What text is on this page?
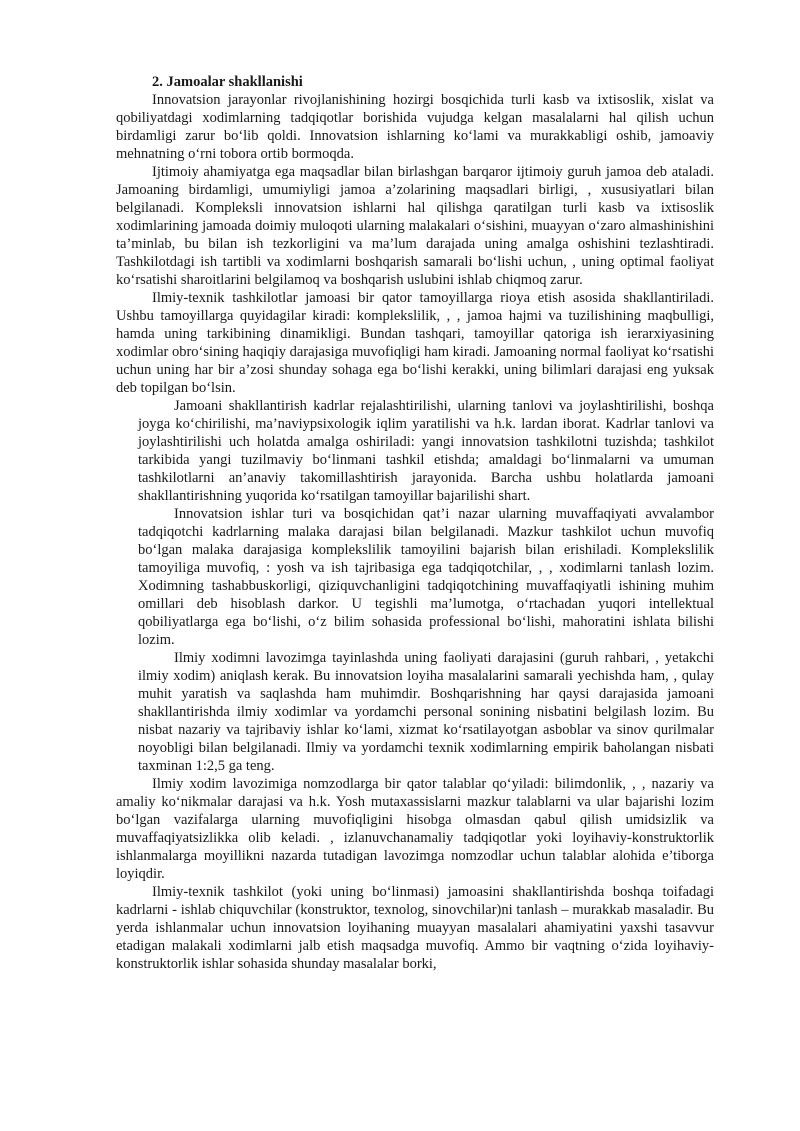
2. Jamoalar shakllanishi

Innovatsion jarayonlar rivojlanishining hozirgi bosqichida turli kasb va ixtisoslik, xislat va qobiliyatdagi xodimlarning tadqiqotlar borishida vujudga kelgan masalalarni hal qilish uchun birdamligi zarur bo‘lib qoldi. Innovatsion ishlarning ko‘lami va murakkabligi oshib, jamoaviy mehnatning o‘rni tobora ortib bormoqda.

Ijtimoiy ahamiyatga ega maqsadlar bilan birlashgan barqaror ijtimoiy guruh jamoa deb ataladi. Jamoaning birdamligi, umumiyligi jamoa a’zolarining maqsadlari birligi, , xususiyatlari bilan belgilanadi. Kompleksli innovatsion ishlarni hal qilishga qaratilgan turli kasb va ixtisoslik xodimlarining jamoada doimiy muloqoti ularning malakalari o‘sishini, muayyan o‘zaro almashinishini ta’minlab, bu bilan ish tezkorligini va ma’lum darajada uning amalga oshishini tezlashtiradi. Tashkilotdagi ish tartibli va xodimlarni boshqarish samarali bo‘lishi uchun, , uning optimal faoliyat ko‘rsatishi sharoitlarini belgilamoq va boshqarish uslubini ishlab chiqmoq zarur.

Ilmiy-texnik tashkilotlar jamoasi bir qator tamoyillarga rioya etish asosida shakllantiriladi. Ushbu tamoyillarga quyidagilar kiradi: komplekslilik, , , jamoa hajmi va tuzilishining maqbulligi, hamda uning tarkibining dinamikligi. Bundan tashqari, tamoyillar qatoriga ish ierarxiyasining xodimlar obro‘sining haqiqiy darajasiga muvofiqligi ham kiradi. Jamoaning normal faoliyat ko‘rsatishi uchun uning har bir a’zosi shunday sohaga ega bo‘lishi kerakki, uning bilimlari darajasi eng yuksak deb topilgan bo‘lsin.

Jamoani shakllantirish kadrlar rejalashtirilishi, ularning tanlovi va joylashtirilishi, boshqa joyga ko‘chirilishi, ma’naviypsixologik iqlim yaratilishi va h.k. lardan iborat. Kadrlar tanlovi va joylashtirilishi uch holatda amalga oshiriladi: yangi innovatsion tashkilotni tuzishda; tashkilot tarkibida yangi tuzilmaviy bo‘linmani tashkil etishda; amaldagi bo‘linmalarni va umuman tashkilotlarni an’anaviy takomillashtirish jarayonida. Barcha ushbu holatlarda jamoani shakllantirishning yuqorida ko‘rsatilgan tamoyillar bajarilishi shart.

Innovatsion ishlar turi va bosqichidan qat’i nazar ularning muvaffaqiyati avvalambor tadqiqotchi kadrlarning malaka darajasi bilan belgilanadi. Mazkur tashkilot uchun muvofiq bo‘lgan malaka darajasiga komplekslilik tamoyilini bajarish bilan erishiladi. Komplekslilik tamoyiliga muvofiq, : yosh va ish tajribasiga ega tadqiqotchilar, , , xodimlarni tanlash lozim. Xodimning tashabbuskorligi, qiziquvchanligini tadqiqotchining muvaffaqiyatli ishining muhim omillari deb hisoblash darkor. U tegishli ma’lumotga, o‘rtachadan yuqori intellektual qobiliyatlarga ega bo‘lishi, o‘z bilim sohasida professional bo‘lishi, mahoratini ishlata bilishi lozim.

Ilmiy xodimni lavozimga tayinlashda uning faoliyati darajasini (guruh rahbari, , yetakchi ilmiy xodim) aniqlash kerak. Bu innovatsion loyiha masalalarini samarali yechishda ham, , qulay muhit yaratish va saqlashda ham muhimdir. Boshqarishning har qaysi darajasida jamoani shakllantirishda ilmiy xodimlar va yordamchi personal sonining nisbatini belgilash lozim. Bu nisbat nazariy va tajribaviy ishlar ko‘lami, xizmat ko‘rsatilayotgan asboblar va sinov qurilmalar noyobligi bilan belgilanadi. Ilmiy va yordamchi texnik xodimlarning empirik baholangan nisbati taxminan 1:2,5 ga teng.

Ilmiy xodim lavozimiga nomzodlarga bir qator talablar qo‘yiladi: bilimdonlik, , , nazariy va amaliy ko‘nikmalar darajasi va h.k. Yosh mutaxassislarni mazkur talablarni va ular bajarishi lozim bo‘lgan vazifalarga ularning muvofiqligini hisobga olmasdan qabul qilish umidsizlik va muvaffaqiyatsizlikka olib keladi. , izlanuvchanamaliy tadqiqotlar yoki loyihaviy-konstruktorlik ishlanmalarga moyillikni nazarda tutadigan lavozimga nomzodlar uchun talablar alohida e’tiborga loyiqdir.

Ilmiy-texnik tashkilot (yoki uning bo‘linmasi) jamoasini shakllantirishda boshqa toifadagi kadrlarni - ishlab chiquvchilar (konstruktor, texnolog, sinovchilar)ni tanlash – murakkab masaladir. Bu yerda ishlanmalar uchun innovatsion loyihaning muayyan masalalari ahamiyatini yaxshi tasavvur etadigan malakali xodimlarni jalb etish maqsadga muvofiq. Ammo bir vaqtning o‘zida loyihaviy-konstruktorlik ishlar sohasida shunday masalalar borki,
